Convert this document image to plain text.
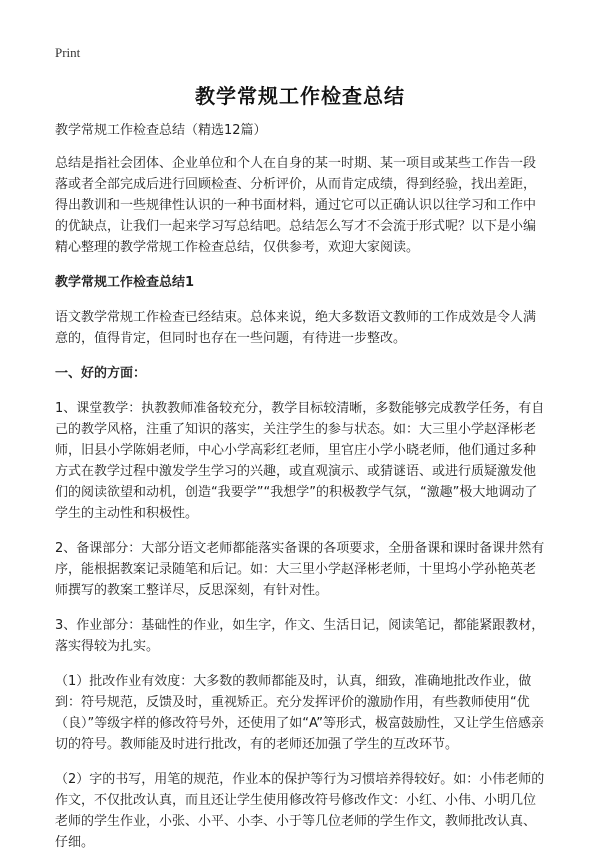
Print
教学常规工作检查总结

教学常规工作检查总结（精选12篇）

总结是指社会团体、企业单位和个人在自身的某一时期、某一项目或某些工作告一段落或者全部完成后进行回顾检查、分析评价，从而肯定成绩，得到经验，找出差距，得出教训和一些规律性认识的一种书面材料，通过它可以正确认识以往学习和工作中的优缺点，让我们一起来学习写总结吧。总结怎么写才不会流于形式呢？以下是小编精心整理的教学常规工作检查总结，仅供参考，欢迎大家阅读。

教学常规工作检查总结1

语文教学常规工作检查已经结束。总体来说，绝大多数语文教师的工作成效是令人满意的，值得肯定，但同时也存在一些问题，有待进一步整改。

一、好的方面：

1、课堂教学：执教教师准备较充分，教学目标较清晰，多数能够完成教学任务，有自己的教学风格，注重了知识的落实，关注学生的参与状态。如：大三里小学赵泽彬老师，旧县小学陈娟老师，中心小学高彩红老师，里官庄小学小晓老师，他们通过多种方式在教学过程中激发学生学习的兴趣，或直观演示、或猜谜语、或进行质疑激发他们的阅读欲望和动机，创造“我要学”“我想学”的积极教学气氛，“激趣”极大地调动了学生的主动性和积极性。

2、备课部分：大部分语文老师都能落实备课的各项要求，全册备课和课时备课井然有序，能根据教案记录随笔和后记。如：大三里小学赵泽彬老师，十里坞小学孙艳英老师撰写的教案工整详尽，反思深刻，有针对性。

3、作业部分：基础性的作业，如生字，作文、生活日记，阅读笔记，都能紧跟教材，落实得较为扎实。

（1）批改作业有效度：大多数的教师都能及时，认真，细致，准确地批改作业，做到：符号规范，反馈及时，重视矫正。充分发挥评价的激励作用，有些教师使用“优（良）”等级字样的修改符号外，还使用了如“A”等形式，极富鼓励性，又让学生倍感亲切的符号。教师能及时进行批改，有的老师还加强了学生的互改环节。

（2）字的书写，用笔的规范，作业本的保护等行为习惯培养得较好。如：小伟老师的 作文，不仅批改认真，而且还让学生使用修改符号修改作文：小红、小伟、小明几位老师的学生作业，小张、小平、小李、小于等几位老师的学生作文，教师批改认真、仔细。
